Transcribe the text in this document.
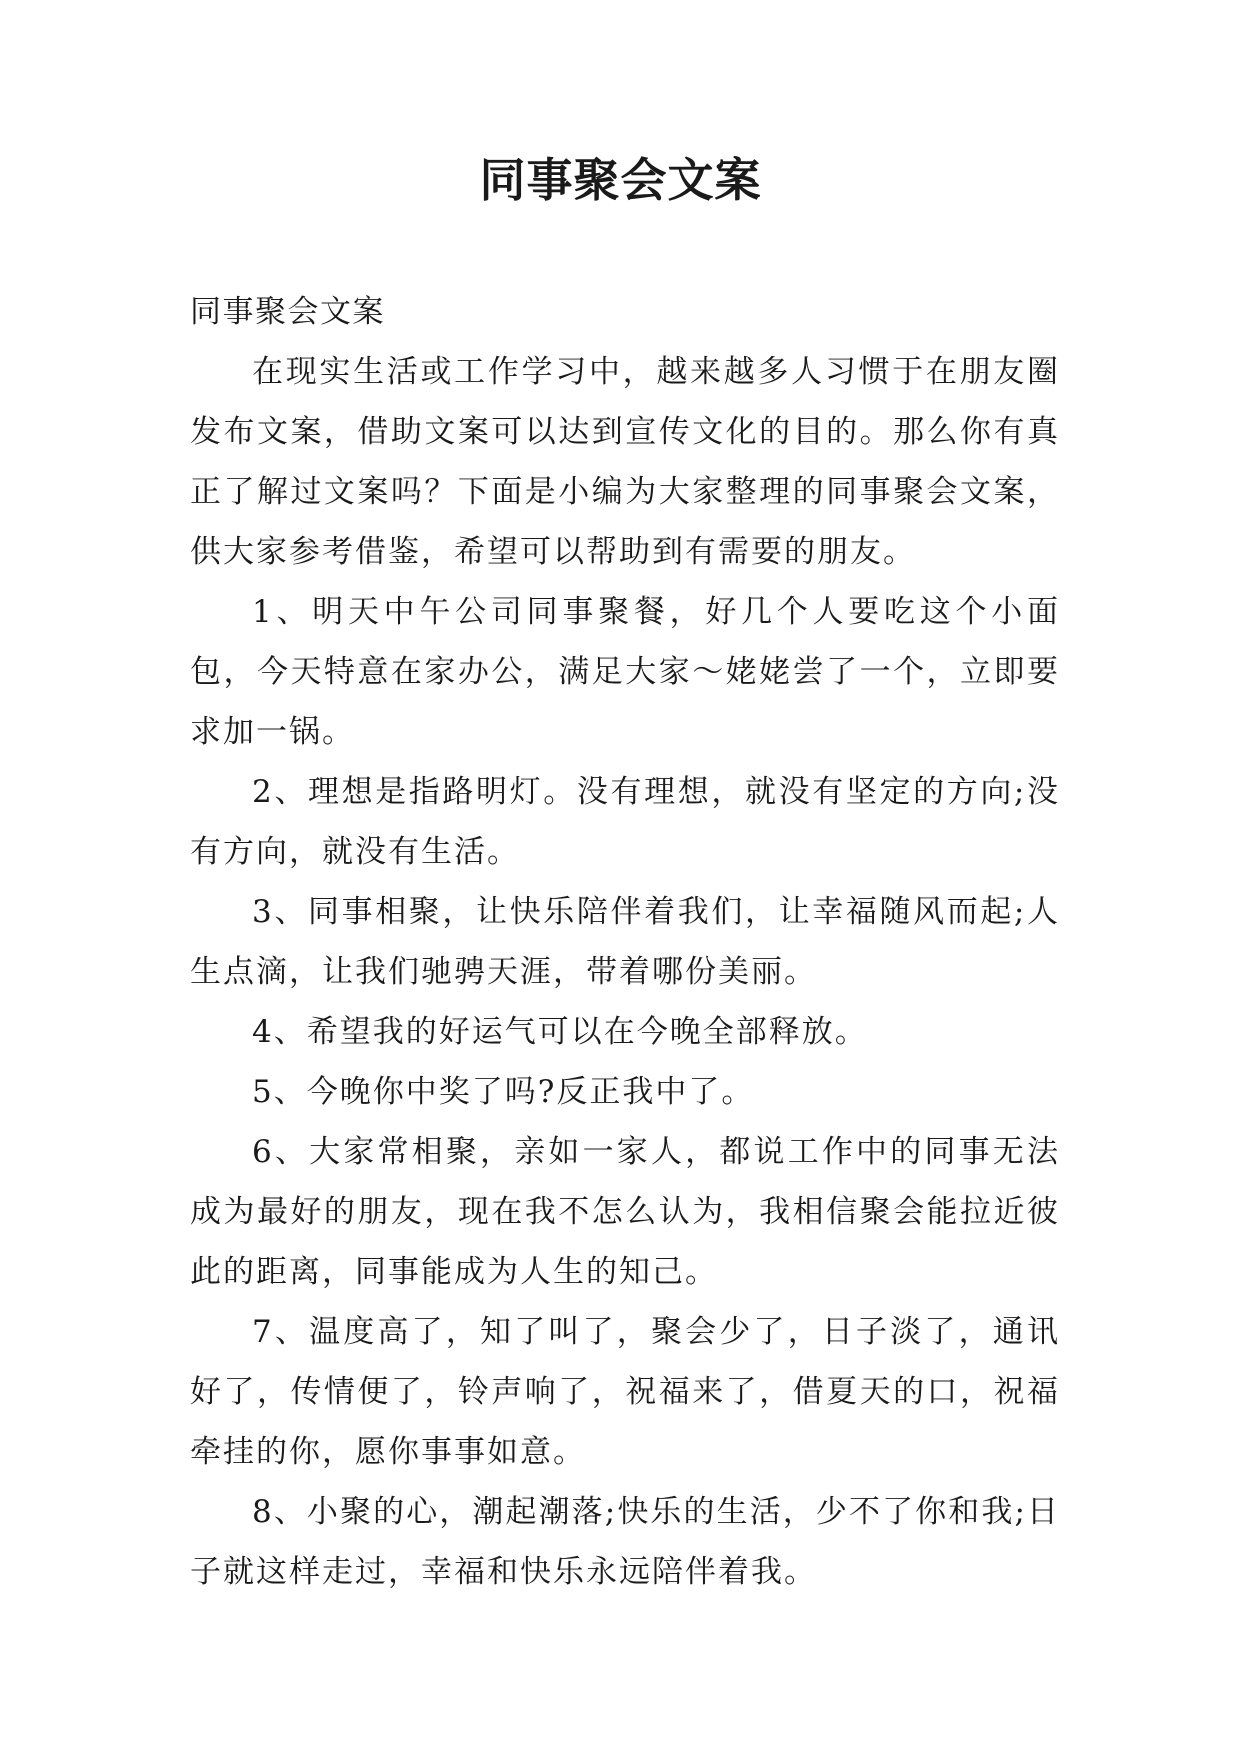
同事聚会文案

同事聚会文案

在现实生活或工作学习中，越来越多人习惯于在朋友圈发布文案，借助文案可以达到宣传文化的目的。那么你有真正了解过文案吗？下面是小编为大家整理的同事聚会文案，供大家参考借鉴，希望可以帮助到有需要的朋友。

1、明天中午公司同事聚餐，好几个人要吃这个小面包，今天特意在家办公，满足大家～姥姥尝了一个，立即要求加一锅。

2、理想是指路明灯。没有理想，就没有坚定的方向;没有方向，就没有生活。

3、同事相聚，让快乐陪伴着我们，让幸福随风而起;人生点滴，让我们驰骋天涯，带着哪份美丽。

4、希望我的好运气可以在今晚全部释放。

5、今晚你中奖了吗?反正我中了。

6、大家常相聚，亲如一家人，都说工作中的同事无法成为最好的朋友，现在我不怎么认为，我相信聚会能拉近彼此的距离，同事能成为人生的知己。

7、温度高了，知了叫了，聚会少了，日子淡了，通讯好了，传情便了，铃声响了，祝福来了，借夏天的口，祝福牵挂的你，愿你事事如意。

8、小聚的心，潮起潮落;快乐的生活，少不了你和我;日子就这样走过，幸福和快乐永远陪伴着我。
